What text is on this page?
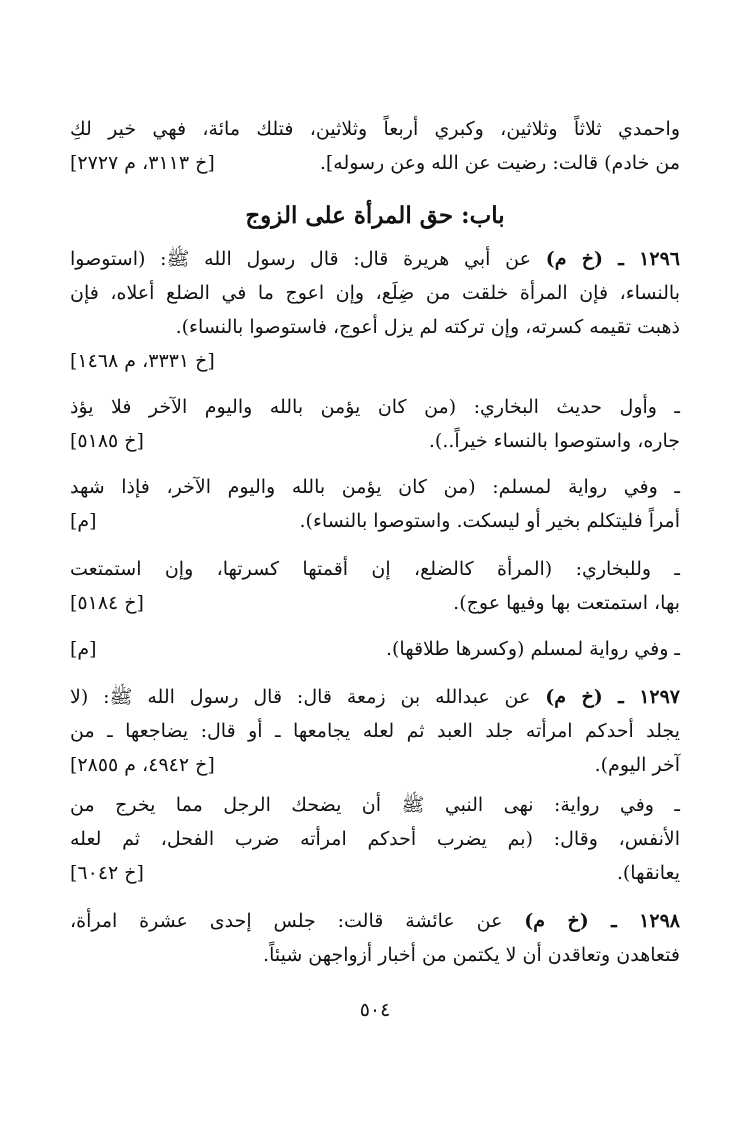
واحمدي ثلاثاً وثلاثين، وكبري أربعاً وثلاثين، فتلك مائة، فهي خير لكِ
من خادم) قالت: رضيت عن الله وعن رسوله].
[خ ٣١١٣، م ٢٧٢٧]
باب: حق المرأة على الزوج
١٢٩٦ ـ (خ م) عن أبي هريرة قال: قال رسول الله ﷺ: (استوصوا
بالنساء، فإن المرأة خلقت من ضِلَع، وإن اعوج ما في الضلع أعلاه، فإن
ذهبت تقيمه كسرته، وإن تركته لم يزل أعوج، فاستوصوا بالنساء).
[خ ٣٣٣١، م ١٤٦٨]
ـ وأول حديث البخاري: (من كان يؤمن بالله واليوم الآخر فلا يؤذ
جاره، واستوصوا بالنساء خيراً..).
[خ ٥١٨٥]
ـ وفي رواية لمسلم: (من كان يؤمن بالله واليوم الآخر، فإذا شهد
أمراً فليتكلم بخير أو ليسكت. واستوصوا بالنساء).
[م]
ـ وللبخاري: (المرأة كالضلع، إن أقمتها كسرتها، وإن استمتعت
بها، استمتعت بها وفيها عوج).
[خ ٥١٨٤]
ـ وفي رواية لمسلم (وكسرها طلاقها).
[م]
١٢٩٧ ـ (خ م) عن عبدالله بن زمعة قال: قال رسول الله ﷺ: (لا
يجلد أحدكم امرأته جلد العبد ثم لعله يجامعها ـ أو قال: يضاجعها ـ من
آخر اليوم).
[خ ٤٩٤٢، م ٢٨٥٥]
ـ وفي رواية: نهى النبي ﷺ أن يضحك الرجل مما يخرج من
الأنفس، وقال: (بم يضرب أحدكم امرأته ضرب الفحل، ثم لعله
يعانقها).
[خ ٦٠٤٢]
١٢٩٨ ـ (خ م) عن عائشة قالت: جلس إحدى عشرة امرأة،
فتعاهدن وتعاقدن أن لا يكتمن من أخبار أزواجهن شيئاً.
٥٠٤
